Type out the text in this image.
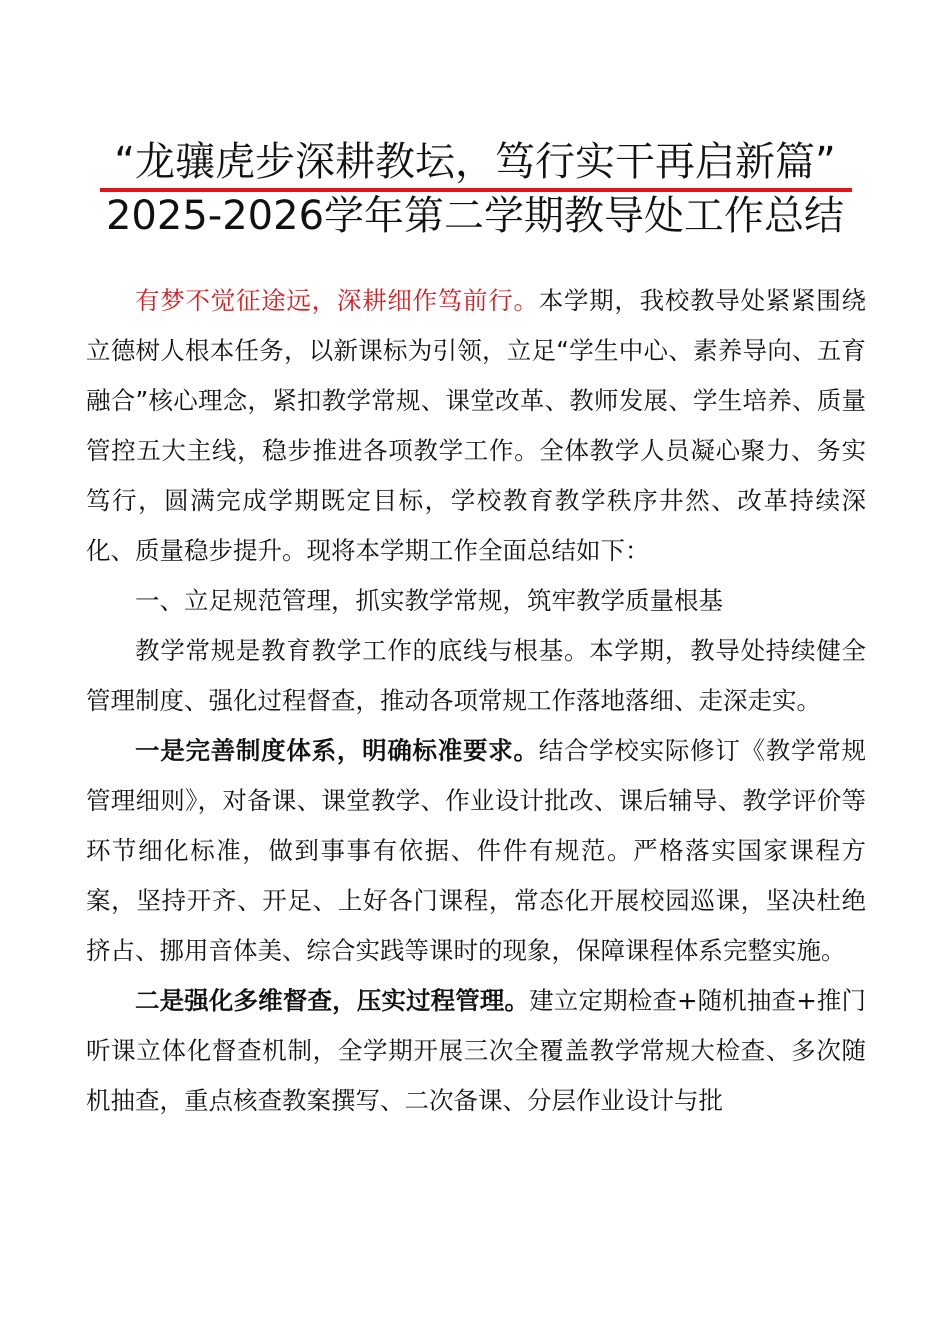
“龙骧虎步深耕教坛，笃行实干再启新篇”
2025-2026学年第二学期教导处工作总结

有梦不觉征途远，深耕细作笃前行。本学期，我校教导处紧紧围绕立德树人根本任务，以新课标为引领，立足“学生中心、素养导向、五育融合”核心理念，紧扣教学常规、课堂改革、教师发展、学生培养、质量管控五大主线，稳步推进各项教学工作。全体教学人员凝心聚力、务实笃行，圆满完成学期既定目标，学校教育教学秩序井然、改革持续深化、质量稳步提升。现将本学期工作全面总结如下：

一、立足规范管理，抓实教学常规，筑牢教学质量根基

教学常规是教育教学工作的底线与根基。本学期，教导处持续健全管理制度、强化过程督查，推动各项常规工作落地落细、走深走实。

一是完善制度体系，明确标准要求。结合学校实际修订《教学常规管理细则》，对备课、课堂教学、作业设计批改、课后辅导、教学评价等环节细化标准，做到事事有依据、件件有规范。严格落实国家课程方案，坚持开齐、开足、上好各门课程，常态化开展校园巡课，坚决杜绝挤占、挪用音体美、综合实践等课时的现象，保障课程体系完整实施。

二是强化多维督查，压实过程管理。建立定期检查+随机抽查+推门听课立体化督查机制，全学期开展三次全覆盖教学常规大检查、多次随机抽查，重点核查教案撰写、二次备课、分层作业设计与批
